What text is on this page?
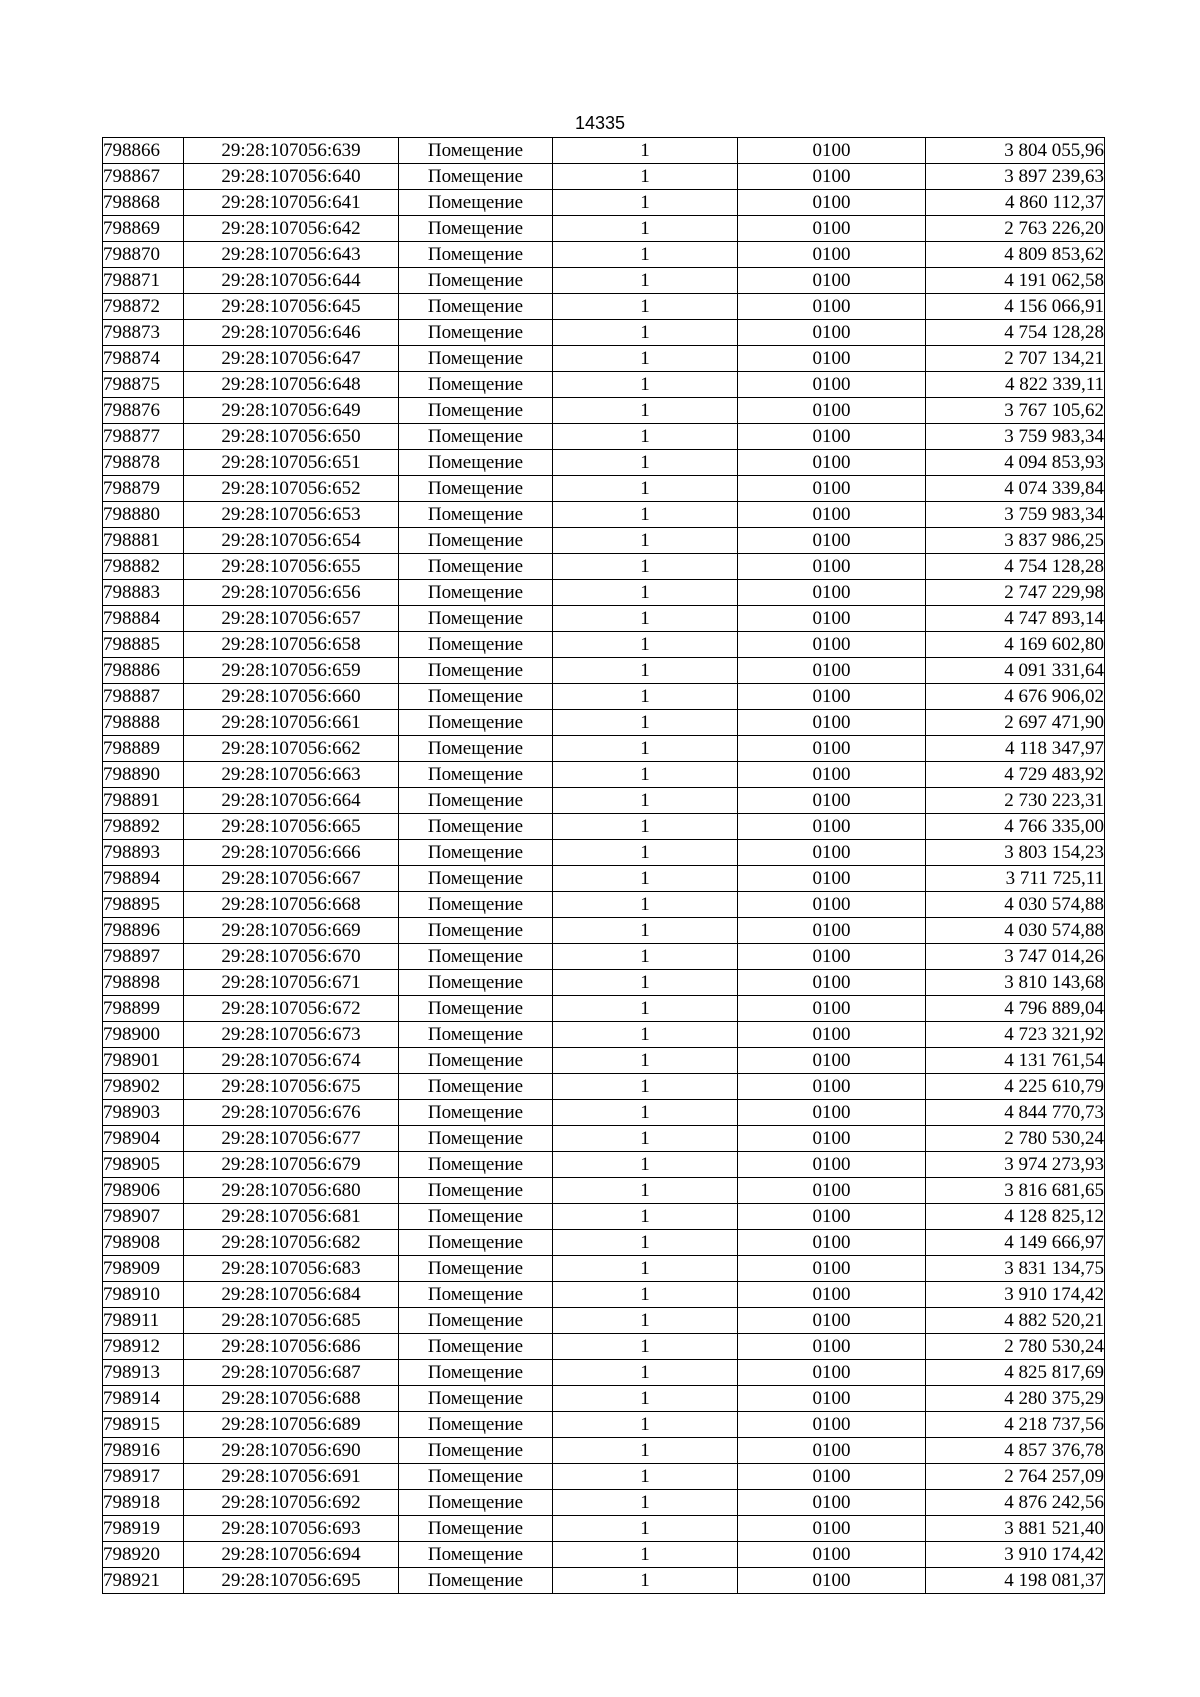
14335
798866	29:28:107056:639	Помещение	1	0100	3 804 055,96
798867	29:28:107056:640	Помещение	1	0100	3 897 239,63
798868	29:28:107056:641	Помещение	1	0100	4 860 112,37
798869	29:28:107056:642	Помещение	1	0100	2 763 226,20
798870	29:28:107056:643	Помещение	1	0100	4 809 853,62
798871	29:28:107056:644	Помещение	1	0100	4 191 062,58
798872	29:28:107056:645	Помещение	1	0100	4 156 066,91
798873	29:28:107056:646	Помещение	1	0100	4 754 128,28
798874	29:28:107056:647	Помещение	1	0100	2 707 134,21
798875	29:28:107056:648	Помещение	1	0100	4 822 339,11
798876	29:28:107056:649	Помещение	1	0100	3 767 105,62
798877	29:28:107056:650	Помещение	1	0100	3 759 983,34
798878	29:28:107056:651	Помещение	1	0100	4 094 853,93
798879	29:28:107056:652	Помещение	1	0100	4 074 339,84
798880	29:28:107056:653	Помещение	1	0100	3 759 983,34
798881	29:28:107056:654	Помещение	1	0100	3 837 986,25
798882	29:28:107056:655	Помещение	1	0100	4 754 128,28
798883	29:28:107056:656	Помещение	1	0100	2 747 229,98
798884	29:28:107056:657	Помещение	1	0100	4 747 893,14
798885	29:28:107056:658	Помещение	1	0100	4 169 602,80
798886	29:28:107056:659	Помещение	1	0100	4 091 331,64
798887	29:28:107056:660	Помещение	1	0100	4 676 906,02
798888	29:28:107056:661	Помещение	1	0100	2 697 471,90
798889	29:28:107056:662	Помещение	1	0100	4 118 347,97
798890	29:28:107056:663	Помещение	1	0100	4 729 483,92
798891	29:28:107056:664	Помещение	1	0100	2 730 223,31
798892	29:28:107056:665	Помещение	1	0100	4 766 335,00
798893	29:28:107056:666	Помещение	1	0100	3 803 154,23
798894	29:28:107056:667	Помещение	1	0100	3 711 725,11
798895	29:28:107056:668	Помещение	1	0100	4 030 574,88
798896	29:28:107056:669	Помещение	1	0100	4 030 574,88
798897	29:28:107056:670	Помещение	1	0100	3 747 014,26
798898	29:28:107056:671	Помещение	1	0100	3 810 143,68
798899	29:28:107056:672	Помещение	1	0100	4 796 889,04
798900	29:28:107056:673	Помещение	1	0100	4 723 321,92
798901	29:28:107056:674	Помещение	1	0100	4 131 761,54
798902	29:28:107056:675	Помещение	1	0100	4 225 610,79
798903	29:28:107056:676	Помещение	1	0100	4 844 770,73
798904	29:28:107056:677	Помещение	1	0100	2 780 530,24
798905	29:28:107056:679	Помещение	1	0100	3 974 273,93
798906	29:28:107056:680	Помещение	1	0100	3 816 681,65
798907	29:28:107056:681	Помещение	1	0100	4 128 825,12
798908	29:28:107056:682	Помещение	1	0100	4 149 666,97
798909	29:28:107056:683	Помещение	1	0100	3 831 134,75
798910	29:28:107056:684	Помещение	1	0100	3 910 174,42
798911	29:28:107056:685	Помещение	1	0100	4 882 520,21
798912	29:28:107056:686	Помещение	1	0100	2 780 530,24
798913	29:28:107056:687	Помещение	1	0100	4 825 817,69
798914	29:28:107056:688	Помещение	1	0100	4 280 375,29
798915	29:28:107056:689	Помещение	1	0100	4 218 737,56
798916	29:28:107056:690	Помещение	1	0100	4 857 376,78
798917	29:28:107056:691	Помещение	1	0100	2 764 257,09
798918	29:28:107056:692	Помещение	1	0100	4 876 242,56
798919	29:28:107056:693	Помещение	1	0100	3 881 521,40
798920	29:28:107056:694	Помещение	1	0100	3 910 174,42
798921	29:28:107056:695	Помещение	1	0100	4 198 081,37
